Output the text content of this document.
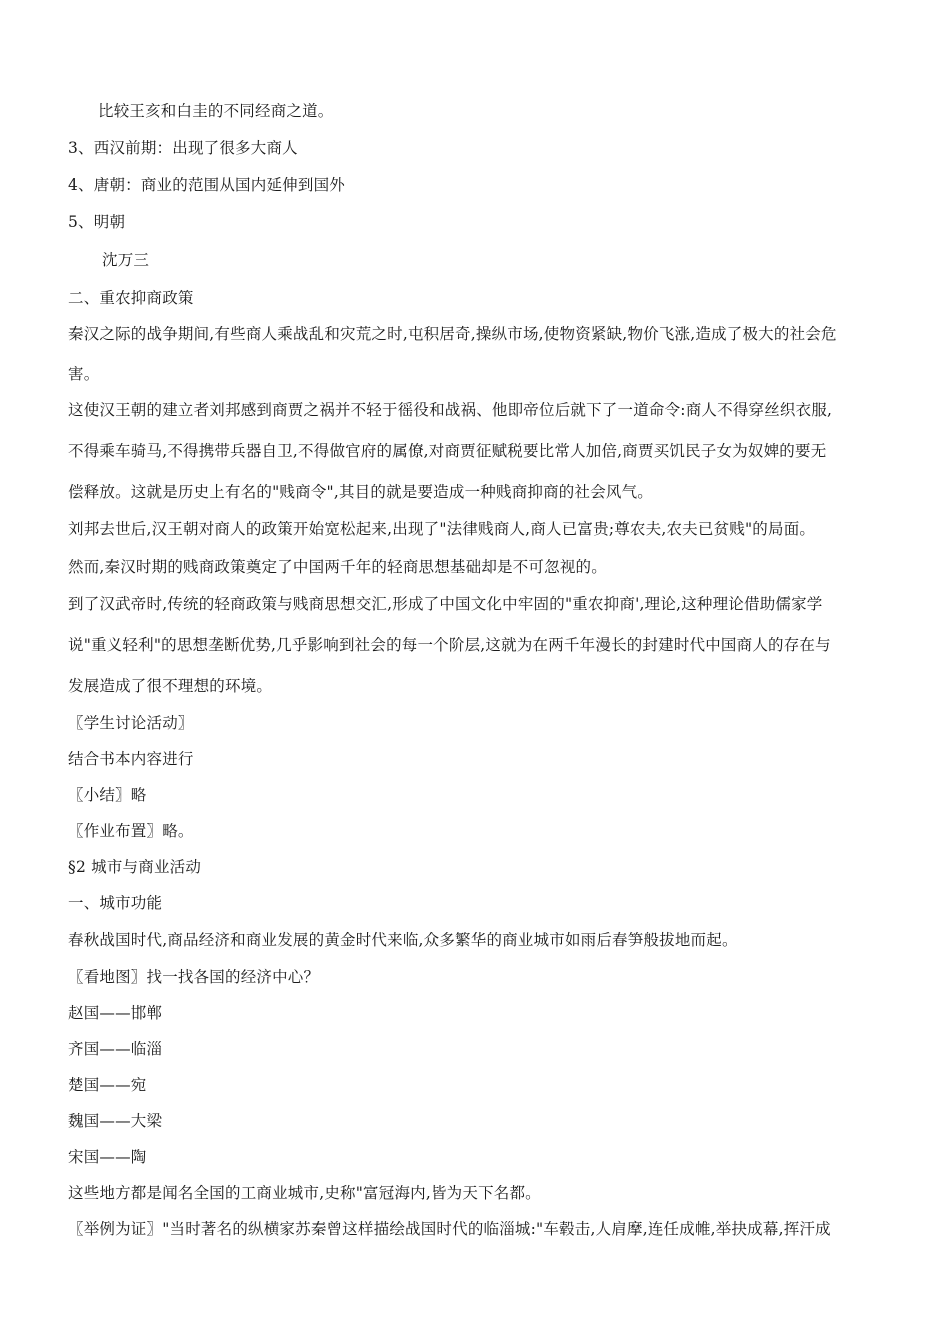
比较王亥和白圭的不同经商之道。
3、西汉前期：出现了很多大商人
4、唐朝：商业的范围从国内延伸到国外
5、明朝
沈万三
二、重农抑商政策
秦汉之际的战争期间,有些商人乘战乱和灾荒之时,屯积居奇,操纵市场,使物资紧缺,物价飞涨,造成了极大的社会危
害。
这使汉王朝的建立者刘邦感到商贾之祸并不轻于徭役和战祸、他即帝位后就下了一道命令:商人不得穿丝织衣服,
不得乘车骑马,不得携带兵器自卫,不得做官府的属僚,对商贾征赋税要比常人加倍,商贾买饥民子女为奴婢的要无
偿释放。这就是历史上有名的"贱商令",其目的就是要造成一种贱商抑商的社会风气。
刘邦去世后,汉王朝对商人的政策开始宽松起来,出现了"法律贱商人,商人已富贵;尊农夫,农夫已贫贱"的局面。
然而,秦汉时期的贱商政策奠定了中国两千年的轻商思想基础却是不可忽视的。
到了汉武帝时,传统的轻商政策与贱商思想交汇,形成了中国文化中牢固的"重农抑商',理论,这种理论借助儒家学
说"重义轻利"的思想垄断优势,几乎影响到社会的每一个阶层,这就为在两千年漫长的封建时代中国商人的存在与
发展造成了很不理想的环境。
〖学生讨论活动〗
结合书本内容进行
〖小结〗略
〖作业布置〗略。
§2 城市与商业活动
一、城市功能
春秋战国时代,商品经济和商业发展的黄金时代来临,众多繁华的商业城市如雨后春笋般拔地而起。
〖看地图〗找一找各国的经济中心？
赵国——邯郸
齐国——临淄
楚国——宛
魏国——大梁
宋国——陶
这些地方都是闻名全国的工商业城市,史称"富冠海内,皆为天下名都。
〖举例为证〗"当时著名的纵横家苏秦曾这样描绘战国时代的临淄城:"车毂击,人肩摩,连任成帷,举抉成幕,挥汗成
